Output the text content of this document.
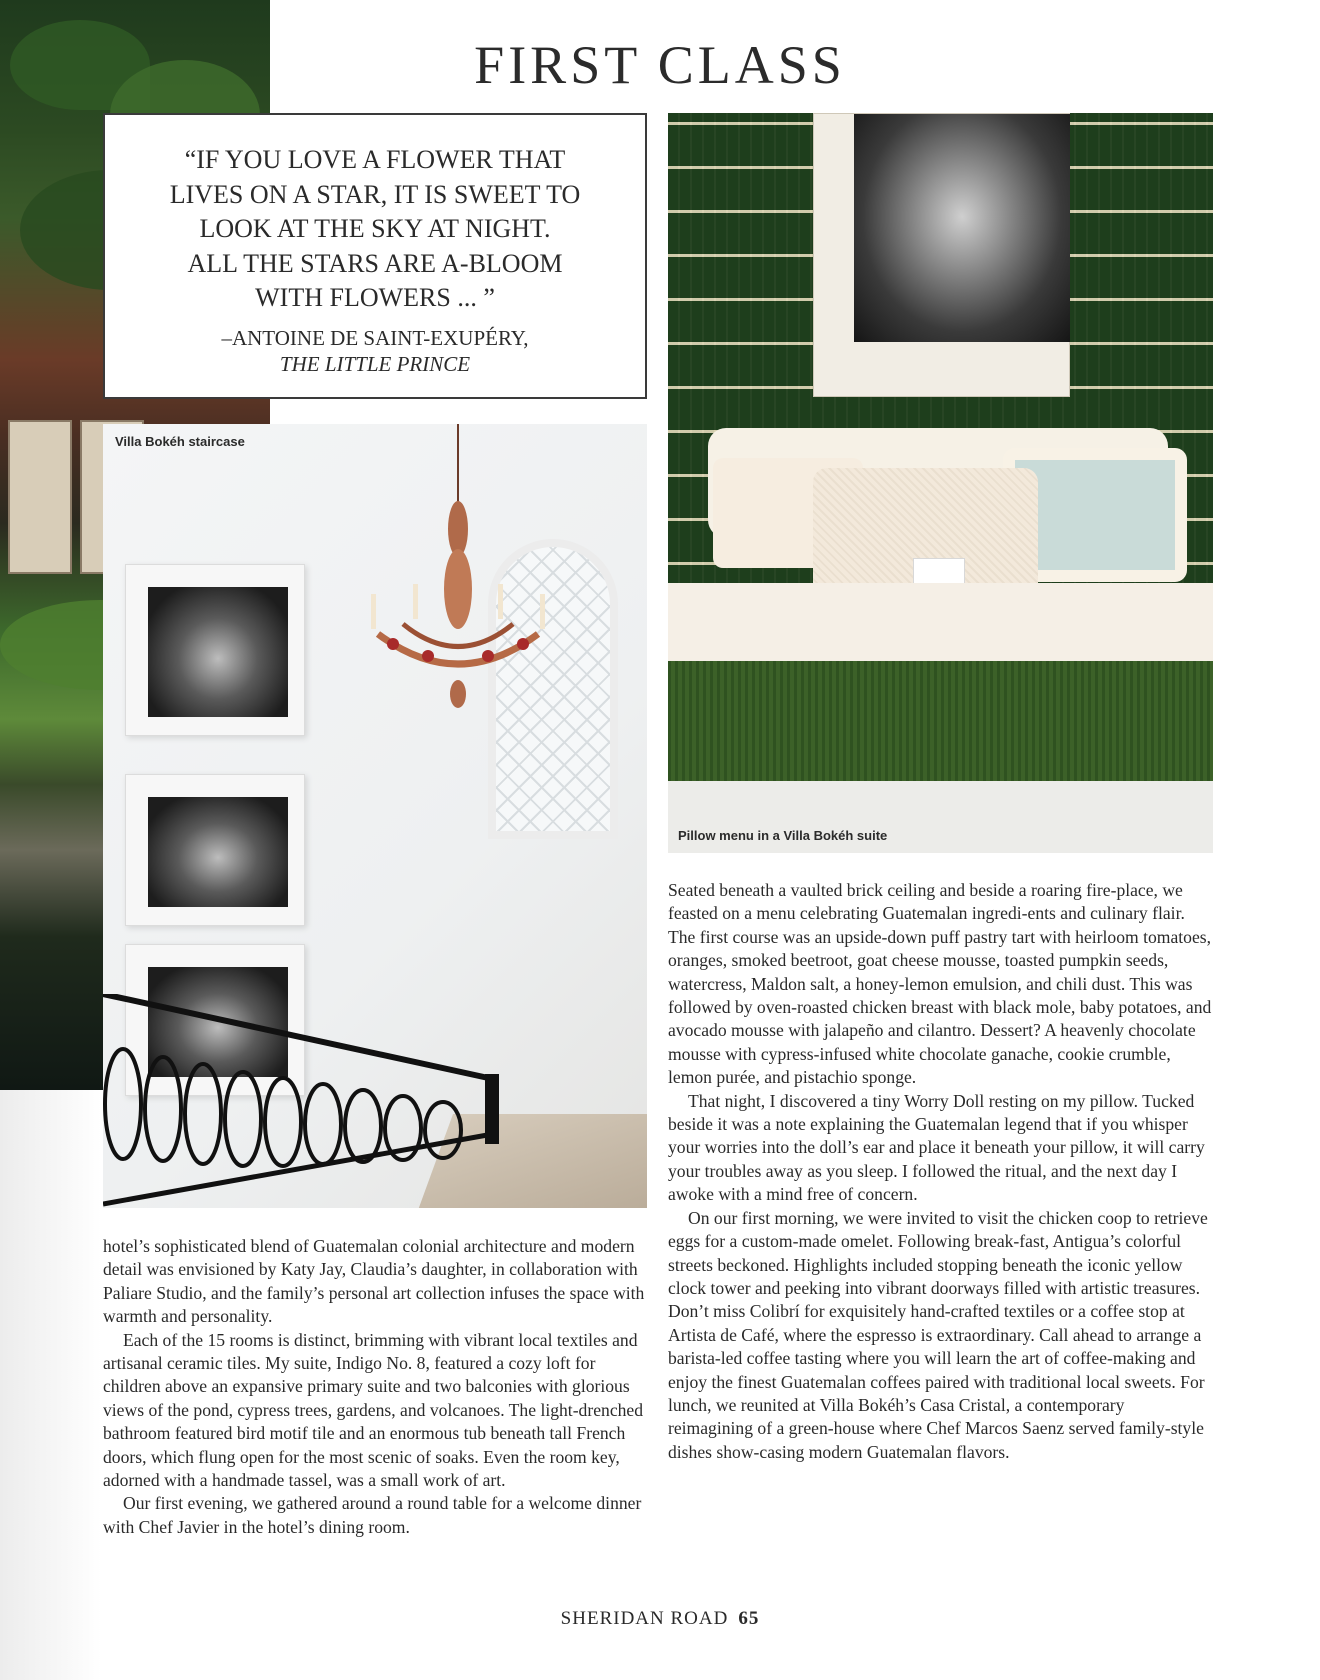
FIRST CLASS
“IF YOU LOVE A FLOWER THAT
LIVES ON A STAR, IT IS SWEET TO
LOOK AT THE SKY AT NIGHT.
ALL THE STARS ARE A-BLOOM
WITH FLOWERS ... ”
–ANTOINE DE SAINT-EXUPÉRY,
THE LITTLE PRINCE
Villa Bokéh staircase
Pillow menu in a Villa Bokéh suite

hotel’s sophisticated blend of Guatemalan colonial architecture and modern detail was envisioned by Katy Jay, Claudia’s daughter, in collaboration with Paliare Studio, and the family’s personal art collection infuses the space with warmth and personality.

Each of the 15 rooms is distinct, brimming with vibrant local textiles and artisanal ceramic tiles. My suite, Indigo No. 8, featured a cozy loft for children above an expansive primary suite and two balconies with glorious views of the pond, cypress trees, gardens, and volcanoes. The light-drenched bathroom featured bird motif tile and an enormous tub beneath tall French doors, which flung open for the most scenic of soaks. Even the room key, adorned with a handmade tassel, was a small work of art.

Our first evening, we gathered around a round table for a welcome dinner with Chef Javier in the hotel’s dining room.

Seated beneath a vaulted brick ceiling and beside a roaring fire-place, we feasted on a menu celebrating Guatemalan ingredi-ents and culinary flair. The first course was an upside-down puff pastry tart with heirloom tomatoes, oranges, smoked beetroot, goat cheese mousse, toasted pumpkin seeds, watercress, Maldon salt, a honey-lemon emulsion, and chili dust. This was followed by oven-roasted chicken breast with black mole, baby potatoes, and avocado mousse with jalapeño and cilantro. Dessert? A heavenly chocolate mousse with cypress-infused white chocolate ganache, cookie crumble, lemon purée, and pistachio sponge.

That night, I discovered a tiny Worry Doll resting on my pillow. Tucked beside it was a note explaining the Guatemalan legend that if you whisper your worries into the doll’s ear and place it beneath your pillow, it will carry your troubles away as you sleep. I followed the ritual, and the next day I awoke with a mind free of concern.

On our first morning, we were invited to visit the chicken coop to retrieve eggs for a custom-made omelet. Following break-fast, Antigua’s colorful streets beckoned. Highlights included stopping beneath the iconic yellow clock tower and peeking into vibrant doorways filled with artistic treasures. Don’t miss Colibrí for exquisitely hand-crafted textiles or a coffee stop at Artista de Café, where the espresso is extraordinary. Call ahead to arrange a barista-led coffee tasting where you will learn the art of coffee-making and enjoy the finest Guatemalan coffees paired with traditional local sweets. For lunch, we reunited at Villa Bokéh’s Casa Cristal, a contemporary reimagining of a green-house where Chef Marcos Saenz served family-style dishes show-casing modern Guatemalan flavors.

SHERIDAN ROAD 65
